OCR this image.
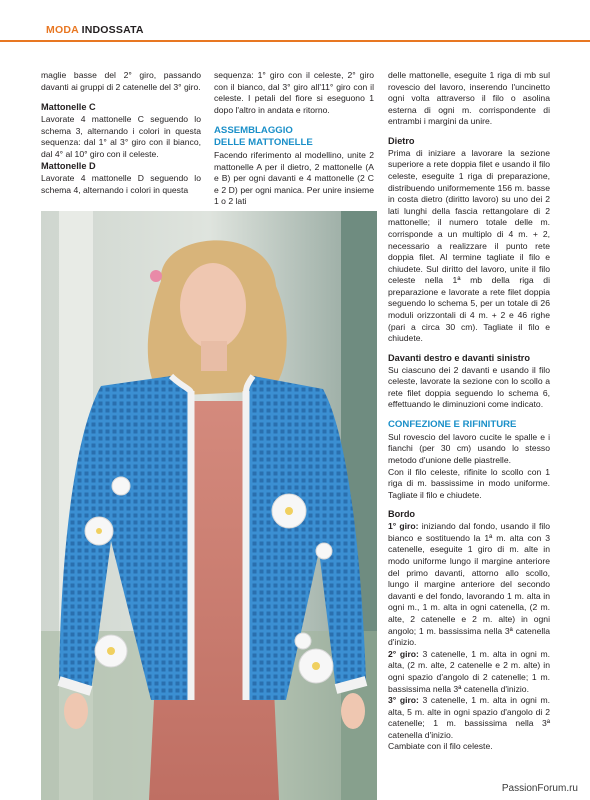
MODA INDOSSATA

maglie basse del 2° giro, passando davanti ai gruppi di 2 catenelle del 3° giro.

Mattonelle C

Lavorate 4 mattonelle C seguendo lo schema 3, alternando i colori in questa sequenza: dal 1° al 3° giro con il bianco, dal 4° al 10° giro con il celeste.

Mattonelle D

Lavorate 4 mattonelle D seguendo lo schema 4, alternando i colori in questa

sequenza: 1° giro con il celeste, 2° giro con il bianco, dal 3° giro all'11° giro con il celeste. I petali del fiore si eseguono 1 dopo l'altro in andata e ritorno.

ASSEMBLAGGIO DELLE MATTONELLE

Facendo riferimento al modellino, unite 2 mattonelle A per il dietro, 2 mattonelle (A e B) per ogni davanti e 4 mattonelle (2 C e 2 D) per ogni manica. Per unire insieme 1 o 2 lati

delle mattonelle, eseguite 1 riga di mb sul rovescio del lavoro, inserendo l'uncinetto ogni volta attraverso il filo o asolina esterna di ogni m. corrispondente di entrambi i margini da unire.

Dietro

Prima di iniziare a lavorare la sezione superiore a rete doppia filet e usando il filo celeste, eseguite 1 riga di preparazione, distribuendo uniformemente 156 m. basse in costa dietro (diritto lavoro) su uno dei 2 lati lunghi della fascia rettangolare di 2 mattonelle; il numero totale delle m. corrisponde a un multiplo di 4 m. + 2, necessario a realizzare il punto rete doppia filet. Al termine tagliate il filo e chiudete. Sul diritto del lavoro, unite il filo celeste nella 1ª mb della riga di preparazione e lavorate a rete filet doppia seguendo lo schema 5, per un totale di 26 moduli orizzontali di 4 m. + 2 e 46 righe (pari a circa 30 cm). Tagliate il filo e chiudete.

Davanti destro e davanti sinistro

Su ciascuno dei 2 davanti e usando il filo celeste, lavorate la sezione con lo scollo a rete filet doppia seguendo lo schema 6, effettuando le diminuzioni come indicato.

CONFEZIONE E RIFINITURE

Sul rovescio del lavoro cucite le spalle e i fianchi (per 30 cm) usando lo stesso metodo d'unione delle piastrelle.

Con il filo celeste, rifinite lo scollo con 1 riga di m. bassissime in modo uniforme. Tagliate il filo e chiudete.

Bordo

1° giro: iniziando dal fondo, usando il filo bianco e sostituendo la 1ª m. alta con 3 catenelle, eseguite 1 giro di m. alte in modo uniforme lungo il margine anteriore del primo davanti, attorno allo scollo, lungo il margine anteriore del secondo davanti e del fondo, lavorando 1 m. alta in ogni m., 1 m. alta in ogni catenella, (2 m. alte, 2 catenelle e 2 m. alte) in ogni angolo; 1 m. bassissima nella 3ª catenella d'inizio.

2° giro: 3 catenelle, 1 m. alta in ogni m. alta, (2 m. alte, 2 catenelle e 2 m. alte) in ogni spazio d'angolo di 2 catenelle; 1 m. bassissima nella 3ª catenella d'inizio.

3° giro: 3 catenelle, 1 m. alta in ogni m. alta, 5 m. alte in ogni spazio d'angolo di 2 catenelle; 1 m. bassissima nella 3ª catenella d'inizio.

Cambiate con il filo celeste.

PassionForum.ru
